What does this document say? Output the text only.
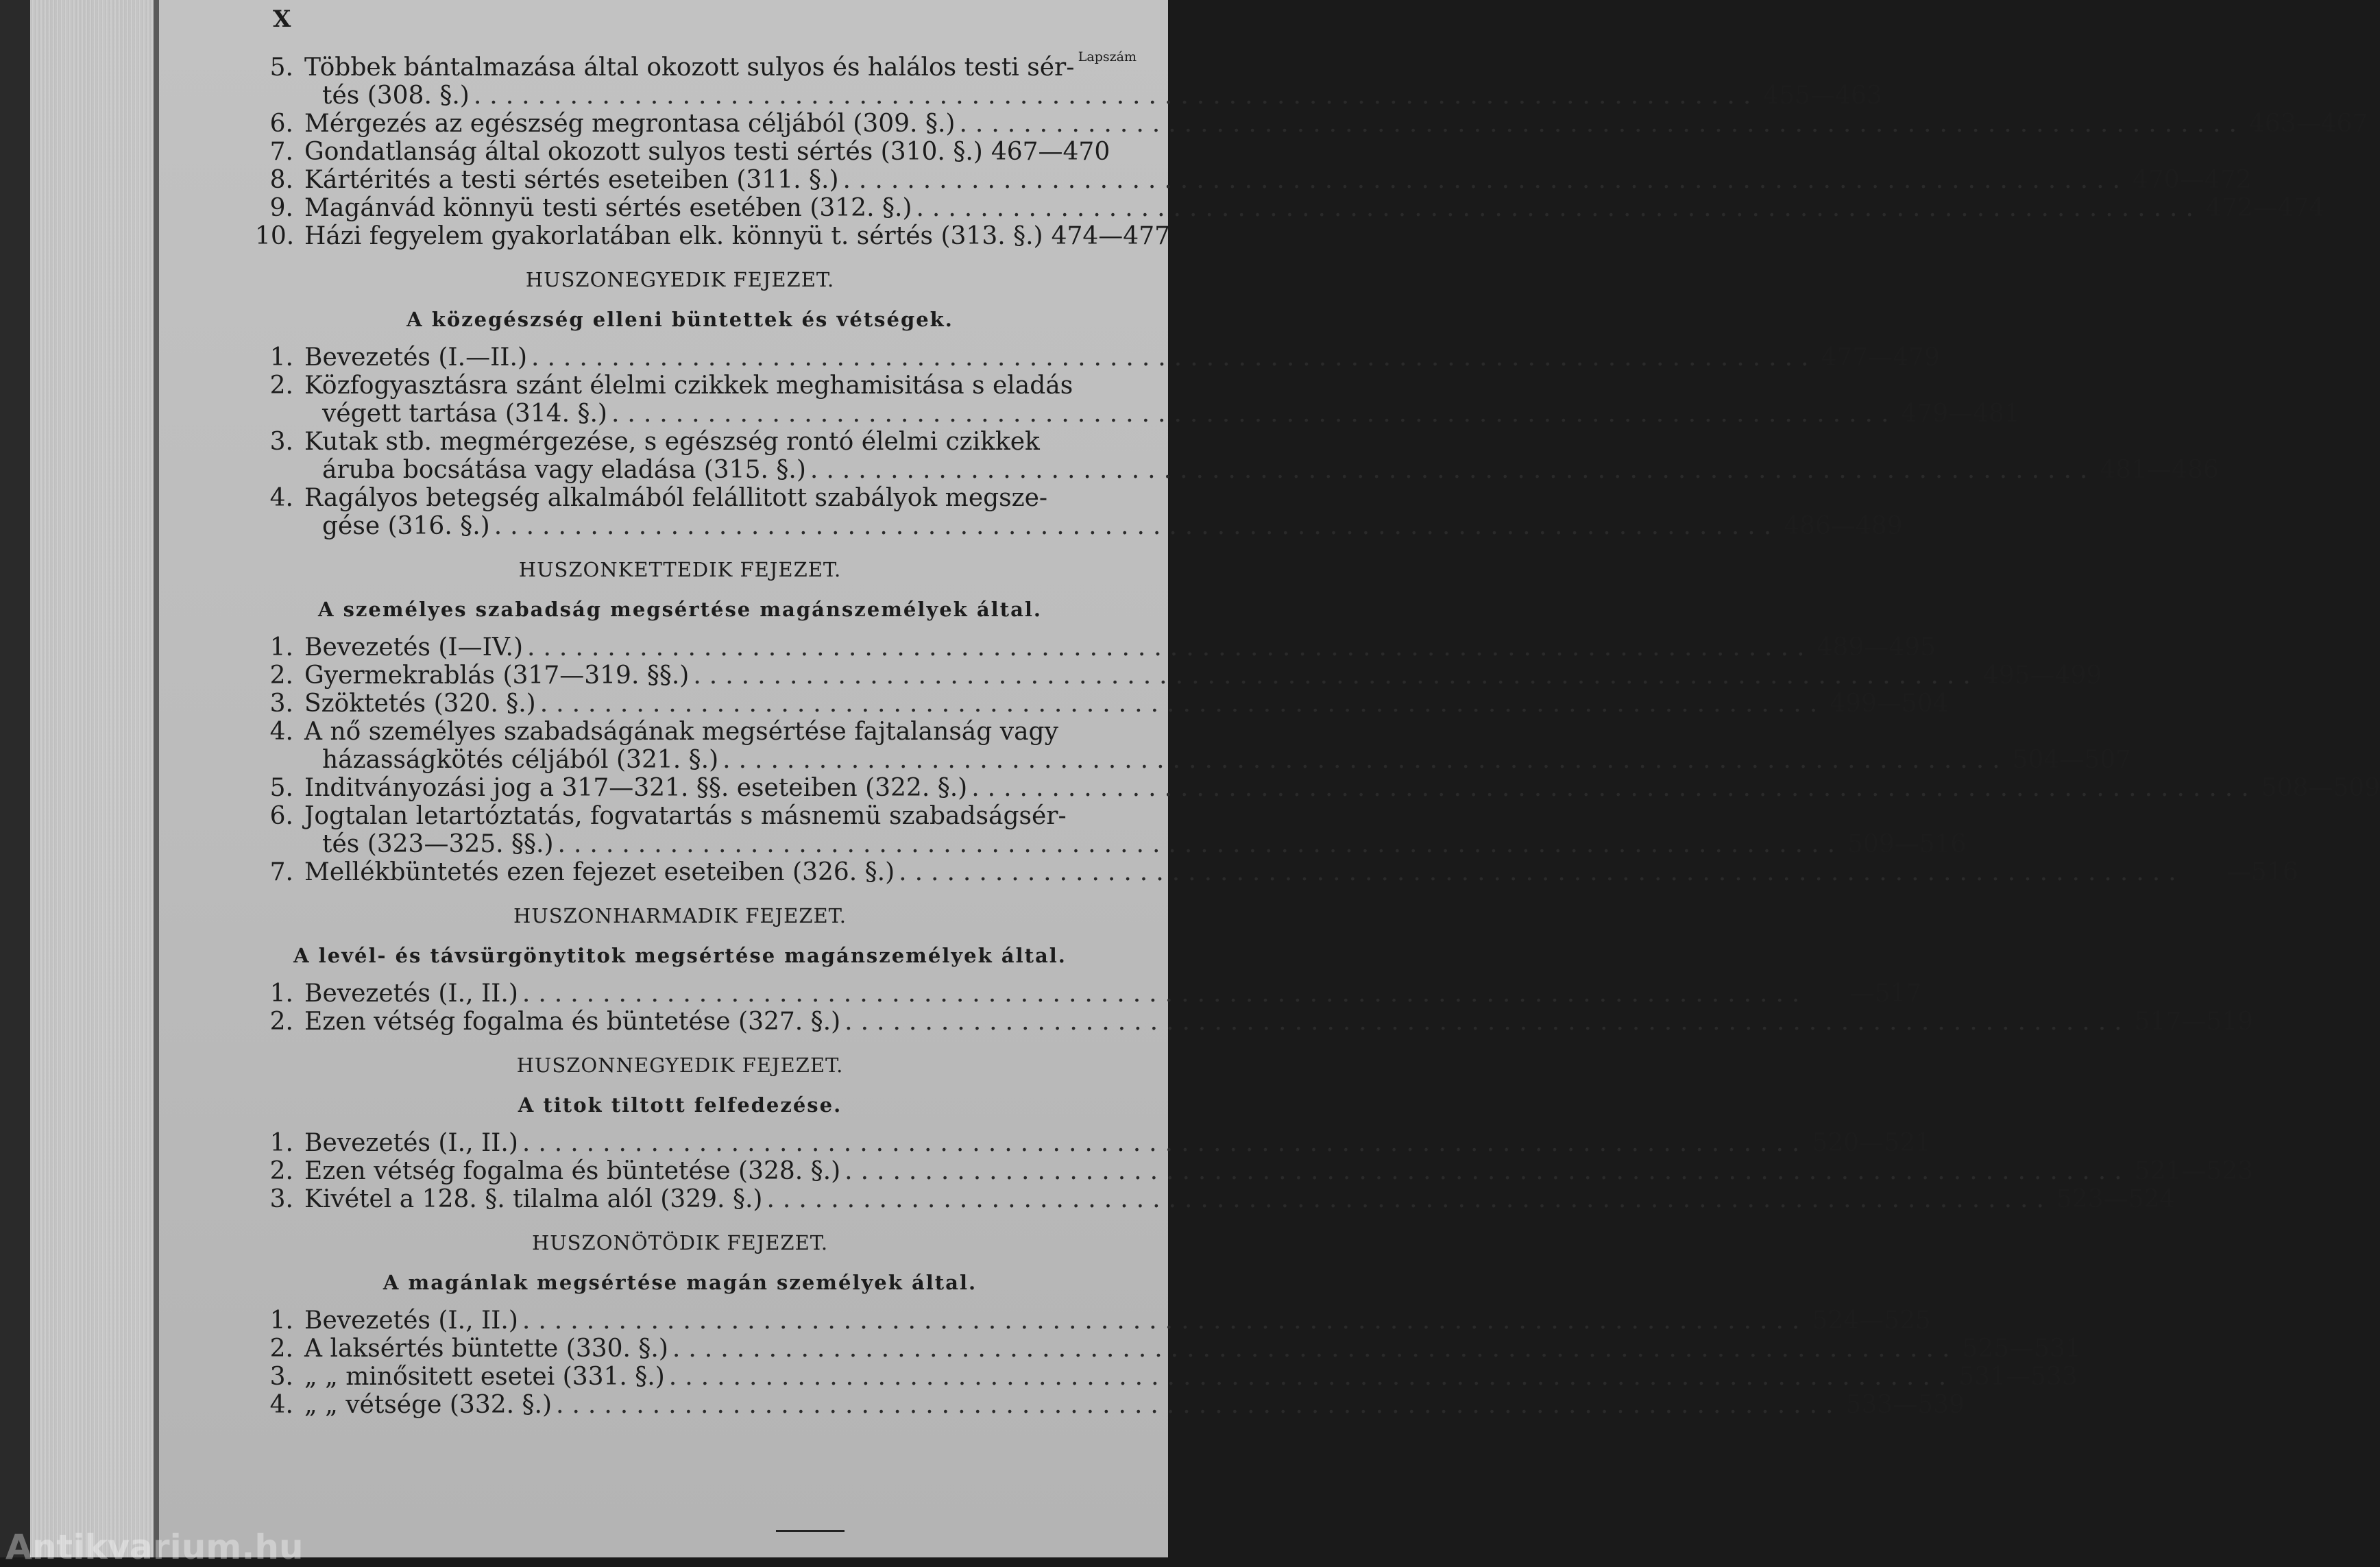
X
Lapszám
5. Többek bántalmazása által okozott sulyos és halálos testi sér-
tés (308. §.) ................................................................................ 455—463
6. Mérgezés az egészség megrontasa céljából (309. §.) ................................................................................ 463—467
7. Gondatlanság által okozott sulyos testi sértés (310. §.) 467—470
8. Kártérités a testi sértés eseteiben (311. §.) ................................................................................ 470—472
9. Magánvád könnyü testi sértés esetében (312. §.) ................................................................................ 472—474
10. Házi fegyelem gyakorlatában elk. könnyü t. sértés (313. §.) 474—477
HUSZONEGYEDIK FEJEZET.
A közegészség elleni büntettek és vétségek.
1. Bevezetés (I.—II.) ................................................................................ 477—479
2. Közfogyasztásra szánt élelmi czikkek meghamisitása s eladás
végett tartása (314. §.) ................................................................................ 479—481
3. Kutak stb. megmérgezése, s egészség rontó élelmi czikkek
áruba bocsátása vagy eladása (315. §.) ................................................................................ 481—486
4. Ragályos betegség alkalmából felállitott szabályok megsze-
gése (316. §.) ................................................................................ 486—489
HUSZONKETTEDIK FEJEZET.
A személyes szabadság megsértése magánszemélyek által.
1. Bevezetés (I—IV.) ................................................................................ 489—495
2. Gyermekrablás (317—319. §§.) ................................................................................ 495—499
3. Szöktetés (320. §.) ................................................................................ 499—504
4. A nő személyes szabadságának megsértése fajtalanság vagy
házasságkötés céljából (321. §.) ................................................................................ 504—507
5. Inditványozási jog a 317—321. §§. eseteiben (322. §.) ................................................................................ 508—509
6. Jogtalan letartóztatás, fogvatartás s másnemü szabadságsér-
tés (323—325. §§.) ................................................................................ 509—516
7. Mellékbüntetés ezen fejezet eseteiben (326. §.) ................................................................................	—516
HUSZONHARMADIK FEJEZET.
A levél- és távsürgönytitok megsértése magánszemélyek által.
1. Bevezetés (I., II.) ................................................................................	—517
2. Ezen vétség fogalma és büntetése (327. §.) ................................................................................ 517—519
HUSZONNEGYEDIK FEJEZET.
A titok tiltott felfedezése.
1. Bevezetés (I., II.) ................................................................................ 520—521
2. Ezen vétség fogalma és büntetése (328. §.) ................................................................................ 521—523
3. Kivétel a 128. §. tilalma alól (329. §.) ................................................................................ 523—524
HUSZONÖTÖDIK FEJEZET.
A magánlak megsértése magán személyek által.
1. Bevezetés (I., II.) ................................................................................ 524—525
2. A laksértés büntette (330. §.) ................................................................................ 525—531
3. „ „ minősitett esetei (331. §.) ................................................................................ 531—533
4. „ „ vétsége (332. §.) ................................................................................ 533—539
Antikvarium.hu
